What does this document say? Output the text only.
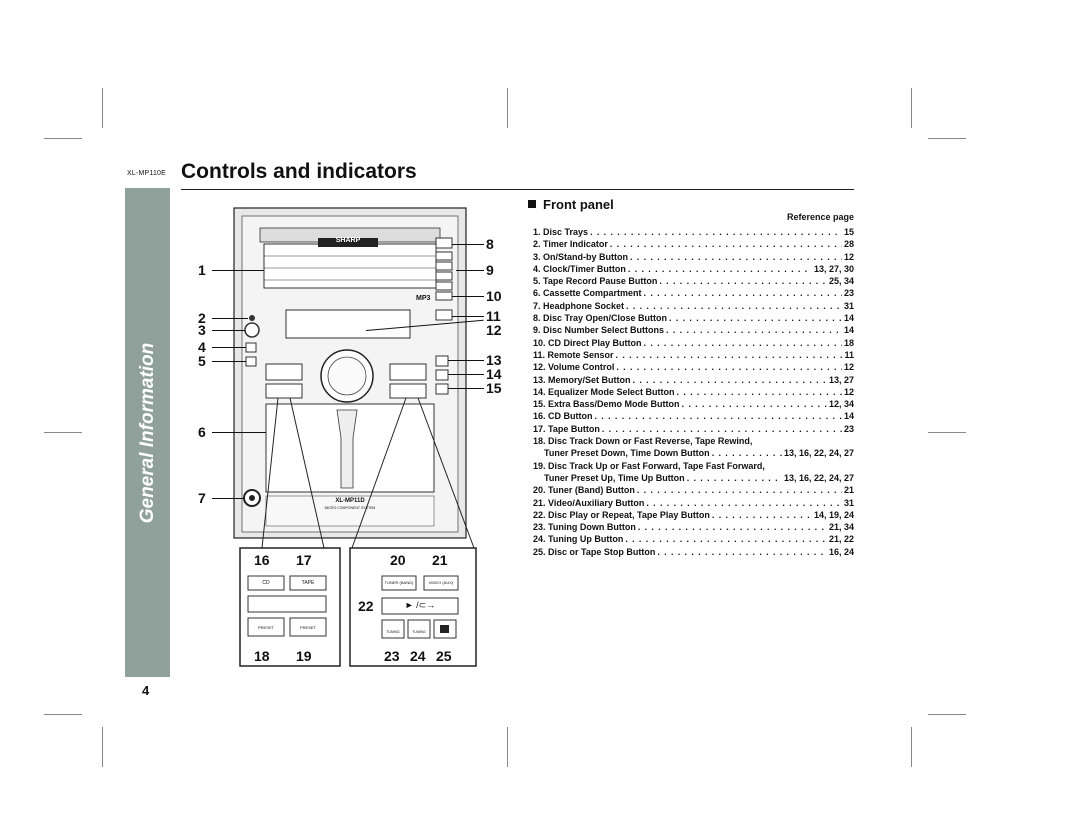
XL-MP110E Controls and indicators
General Information
4
SHARP
MP3
XL-MP11D
MICRO COMPONENT SYSTEM
CD	TAPE
PRESET	PRESET
TUNER (BAND)	VIDEO (AUX)
► /⊂→
TUNING	TUNING
16 17
18 19
20 21
22
23 24 25
1
2
3
4
5
6
7
8
9
10
11
12
13
14
15
Front panel
Reference page
1. Disc Trays . . .	15
2. Timer Indicator . . .	28
3. On/Stand-by Button . . .	12
4. Clock/Timer Button . . .	13, 27, 30
5. Tape Record Pause Button . . .	25, 34
6. Cassette Compartment . . .	23
7. Headphone Socket . . .	31
8. Disc Tray Open/Close Button . . .	14
9. Disc Number Select Buttons . . .	14
10. CD Direct Play Button . . .	18
11. Remote Sensor . . .	11
12. Volume Control . . .	12
13. Memory/Set Button . . .	13, 27
14. Equalizer Mode Select Button . . .	12
15. Extra Bass/Demo Mode Button . . .	12, 34
16. CD Button . . .	14
17. Tape Button . . .	23
18. Disc Track Down or Fast Reverse, Tape Rewind,
Tuner Preset Down, Time Down Button . . .	13, 16, 22, 24, 27
19. Disc Track Up or Fast Forward, Tape Fast Forward,
Tuner Preset Up, Time Up Button . . .	13, 16, 22, 24, 27
20. Tuner (Band) Button . . .	21
21. Video/Auxiliary Button . . .	31
22. Disc Play or Repeat, Tape Play Button . . .	14, 19, 24
23. Tuning Down Button . . .	21, 34
24. Tuning Up Button . . .	21, 22
25. Disc or Tape Stop Button . . .	16, 24
